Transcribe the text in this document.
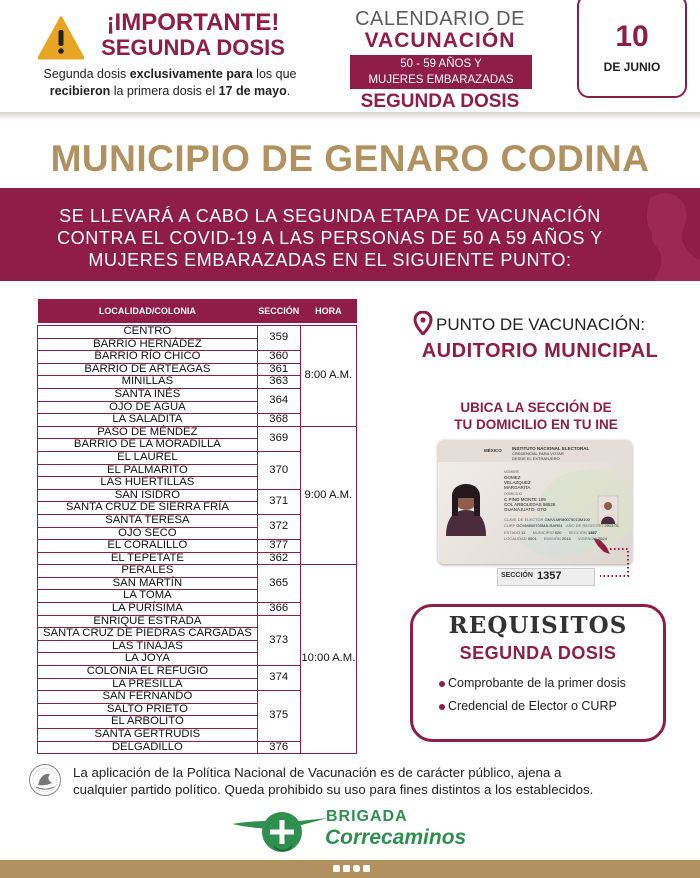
¡IMPORTANTE!
SEGUNDA DOSIS
Segunda dosis exclusivamente para los que
recibieron la primera dosis el 17 de mayo.
CALENDARIO DE
VACUNACIÓN
50 - 59 AÑOS Y
MUJERES EMBARAZADAS
SEGUNDA DOSIS
10
DE JUNIO
MUNICIPIO DE GENARO CODINA
SE LLEVARÁ A CABO LA SEGUNDA ETAPA DE VACUNACIÓN
CONTRA EL COVID-19 A LAS PERSONAS DE 50 A 59 AÑOS Y
MUJERES EMBARAZADAS EN EL SIGUIENTE PUNTO:
LOCALIDAD/COLONIA	SECCIÓN	HORA

CENTRO	359	8:00 A.M.
BARRIO HERNÁDEZ		
BARRIO RÍO CHICO	360	
BARRIO DE ARTEAGAS	361	
MINILLAS	363	
SANTA INÉS	364	
OJO DE AGUA		
LA SALADITA	368	
PASO DE MÉNDEZ	369	9:00 A.M.
BARRIO DE LA MORADILLA		
EL LAUREL	370	
EL PALMARITO		
LAS HUERTILLAS		
SAN ISIDRO	371	
SANTA CRUZ DE SIERRA FRÍA		
SANTA TERESA	372	
OJO SECO		
EL CORALILLO	377	
EL TEPETATE	362	
PERALES	365	10:00 A.M.
SAN MARTÍN		
LA TOMA		
LA PURÍSIMA	366	
ENRIQUE ESTRADA	373	
SANTA CRUZ DE PIEDRAS CARGADAS		
LAS TINAJAS		
LA JOYA		
COLONIA EL REFUGIO	374	
LA PRESILLA		
SAN FERNANDO	375	
SALTO PRIETO		
EL ARBOLITO		
SANTA GERTRUDIS		
DELGADILLO	376	
PUNTO DE VACUNACIÓN:
AUDITORIO MUNICIPAL
UBICA LA SECCIÓN DE
TU DOMICILIO EN TU INE
MÉXICO INSTITUTO NACIONAL ELECTORAL
CREDENCIAL PARA VOTAR
DESDE EL EXTRANJERO
NOMBRE
GOMEZ
VELAZQUEZ
MARGARITA
DOMICILIO
C PINO MONTE 109
COL ARBOLEDAS 58526
GUANAJUATO, GTO
CLAVE DE ELECTOR GMVLMR80075013M100
CURP GOVM800705MJLRAR04 AÑO DE REGISTRO 2013 01
ESTADO 11 MUNICIPIO 020 SECCIÓN 1357
LOCALIDAD 0001 EMISIÓN 2014 VIGENCIA 2024
SECCIÓN 1357
REQUISITOS
SEGUNDA DOSIS
Comprobante de la primer dosis
Credencial de Elector o CURP
La aplicación de la Política Nacional de Vacunación es de carácter público, ajena a
cualquier partido político. Queda prohibido su uso para fines distintos a los establecidos.
BRIGADA
Correcaminos
